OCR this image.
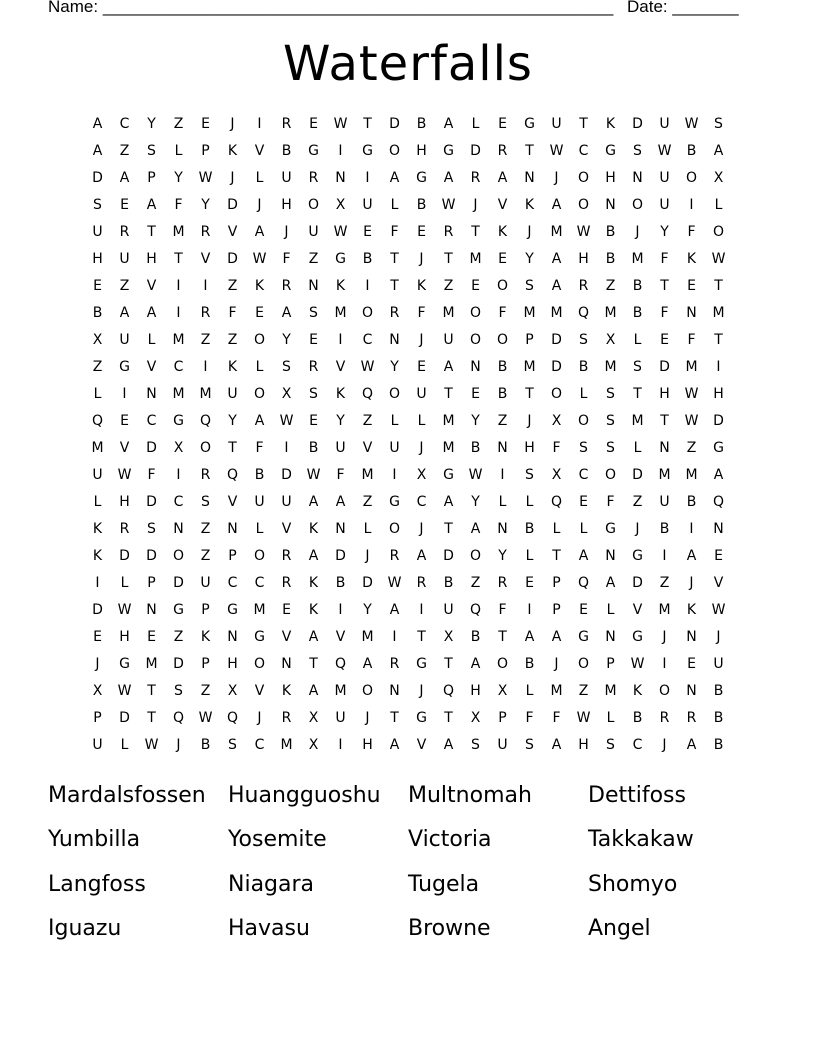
Name: ______________________________________________________ Date: _______
Waterfalls
A	C	Y	Z	E	J	I	R	E	W	T	D	B	A	L	E	G	U	T	K	D	U	W	S
A	Z	S	L	P	K	V	B	G	I	G	O	H	G	D	R	T	W	C	G	S	W	B	A
D	A	P	Y	W	J	L	U	R	N	I	A	G	A	R	A	N	J	O	H	N	U	O	X
S	E	A	F	Y	D	J	H	O	X	U	L	B	W	J	V	K	A	O	N	O	U	I	L
U	R	T	M	R	V	A	J	U	W	E	F	E	R	T	K	J	M	W	B	J	Y	F	O
H	U	H	T	V	D	W	F	Z	G	B	T	J	T	M	E	Y	A	H	B	M	F	K	W
E	Z	V	I	I	Z	K	R	N	K	I	T	K	Z	E	O	S	A	R	Z	B	T	E	T
B	A	A	I	R	F	E	A	S	M	O	R	F	M	O	F	M	M	Q	M	B	F	N	M
X	U	L	M	Z	Z	O	Y	E	I	C	N	J	U	O	O	P	D	S	X	L	E	F	T
Z	G	V	C	I	K	L	S	R	V	W	Y	E	A	N	B	M	D	B	M	S	D	M	I
L	I	N	M	M	U	O	X	S	K	Q	O	U	T	E	B	T	O	L	S	T	H	W	H
Q	E	C	G	Q	Y	A	W	E	Y	Z	L	L	M	Y	Z	J	X	O	S	M	T	W	D
M	V	D	X	O	T	F	I	B	U	V	U	J	M	B	N	H	F	S	S	L	N	Z	G
U	W	F	I	R	Q	B	D	W	F	M	I	X	G	W	I	S	X	C	O	D	M	M	A
L	H	D	C	S	V	U	U	A	A	Z	G	C	A	Y	L	L	Q	E	F	Z	U	B	Q
K	R	S	N	Z	N	L	V	K	N	L	O	J	T	A	N	B	L	L	G	J	B	I	N
K	D	D	O	Z	P	O	R	A	D	J	R	A	D	O	Y	L	T	A	N	G	I	A	E
I	L	P	D	U	C	C	R	K	B	D	W	R	B	Z	R	E	P	Q	A	D	Z	J	V
D	W	N	G	P	G	M	E	K	I	Y	A	I	U	Q	F	I	P	E	L	V	M	K	W
E	H	E	Z	K	N	G	V	A	V	M	I	T	X	B	T	A	A	G	N	G	J	N	J
J	G	M	D	P	H	O	N	T	Q	A	R	G	T	A	O	B	J	O	P	W	I	E	U
X	W	T	S	Z	X	V	K	A	M	O	N	J	Q	H	X	L	M	Z	M	K	O	N	B
P	D	T	Q	W	Q	J	R	X	U	J	T	G	T	X	P	F	F	W	L	B	R	R	B
U	L	W	J	B	S	C	M	X	I	H	A	V	A	S	U	S	A	H	S	C	J	A	B
Mardalsfossen Huangguoshu Multnomah	Dettifoss
Yumbilla	Yosemite	Victoria	Takkakaw
Langfoss	Niagara	Tugela	Shomyo
Iguazu	Havasu	Browne	Angel
